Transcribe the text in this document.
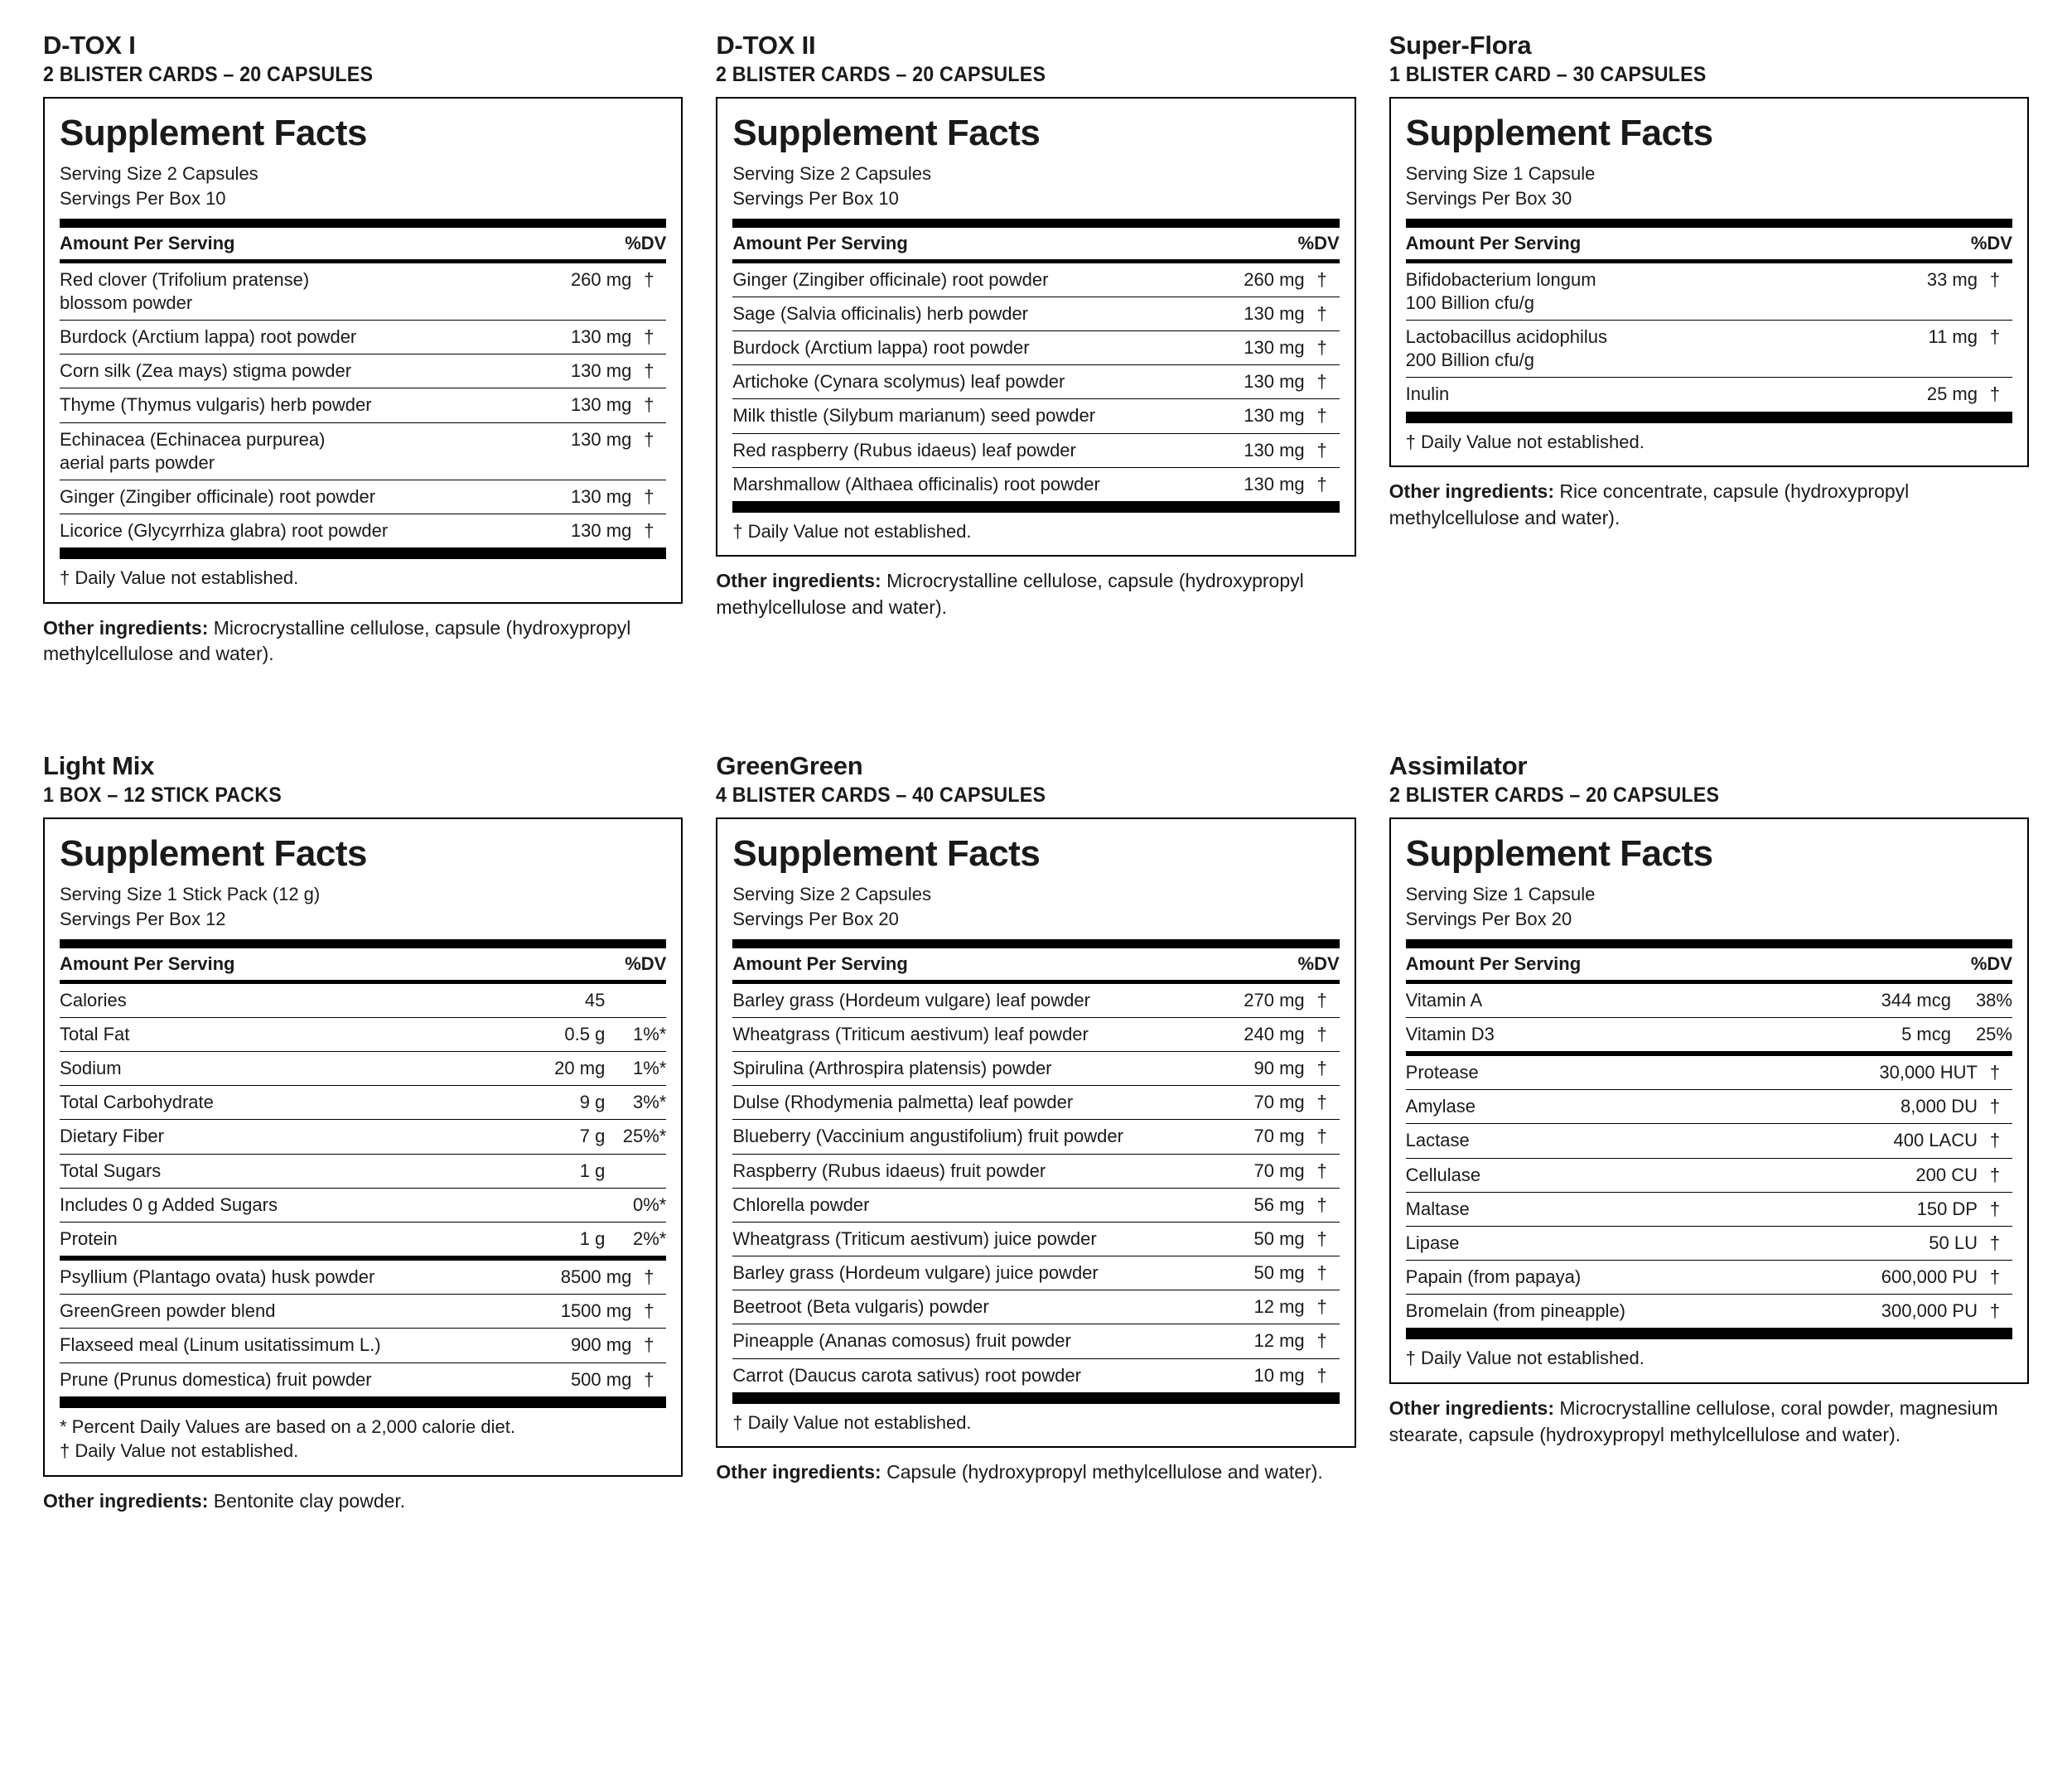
D-TOX I
2 BLISTER CARDS – 20 CAPSULES
Supplement Facts
Serving Size 2 Capsules
Servings Per Box 10
Amount Per Serving		%DV
Red clover (Trifolium pratense)
blossom powder	260 mg	†
Burdock (Arctium lappa) root powder	130 mg	†
Corn silk (Zea mays) stigma powder	130 mg	†
Thyme (Thymus vulgaris) herb powder	130 mg	†
Echinacea (Echinacea purpurea)
aerial parts powder	130 mg	†
Ginger (Zingiber officinale) root powder	130 mg	†
Licorice (Glycyrrhiza glabra) root powder	130 mg	†
† Daily Value not established.
Other ingredients: Microcrystalline cellulose, capsule (hydroxypropyl methylcellulose and water).
D-TOX II
2 BLISTER CARDS – 20 CAPSULES
Supplement Facts
Serving Size 2 Capsules
Servings Per Box 10
Amount Per Serving		%DV
Ginger (Zingiber officinale) root powder	260 mg	†
Sage (Salvia officinalis) herb powder	130 mg	†
Burdock (Arctium lappa) root powder	130 mg	†
Artichoke (Cynara scolymus) leaf powder	130 mg	†
Milk thistle (Silybum marianum) seed powder	130 mg	†
Red raspberry (Rubus idaeus) leaf powder	130 mg	†
Marshmallow (Althaea officinalis) root powder	130 mg	†
† Daily Value not established.
Other ingredients: Microcrystalline cellulose, capsule (hydroxypropyl methylcellulose and water).
Super-Flora
1 BLISTER CARD – 30 CAPSULES
Supplement Facts
Serving Size 1 Capsule
Servings Per Box 30
Amount Per Serving		%DV
Bifidobacterium longum
100 Billion cfu/g	33 mg	†
Lactobacillus acidophilus
200 Billion cfu/g	11 mg	†
Inulin	25 mg	†
† Daily Value not established.
Other ingredients: Rice concentrate, capsule (hydroxypropyl methylcellulose and water).
Light Mix
1 BOX – 12 STICK PACKS
Supplement Facts
Serving Size 1 Stick Pack (12 g)
Servings Per Box 12
Amount Per Serving		%DV
Calories	45	
Total Fat	0.5 g	1%*
Sodium	20 mg	1%*
Total Carbohydrate	9 g	3%*
Dietary Fiber	7 g	25%*
Total Sugars	1 g	
Includes 0 g Added Sugars		0%*
Protein	1 g	2%*
Psyllium (Plantago ovata) husk powder	8500 mg	†
GreenGreen powder blend	1500 mg	†
Flaxseed meal (Linum usitatissimum L.)	900 mg	†
Prune (Prunus domestica) fruit powder	500 mg	†
* Percent Daily Values are based on a 2,000 calorie diet.
† Daily Value not established.
Other ingredients: Bentonite clay powder.
GreenGreen
4 BLISTER CARDS – 40 CAPSULES
Supplement Facts
Serving Size 2 Capsules
Servings Per Box 20
Amount Per Serving		%DV
Barley grass (Hordeum vulgare) leaf powder	270 mg	†
Wheatgrass (Triticum aestivum) leaf powder	240 mg	†
Spirulina (Arthrospira platensis) powder	90 mg	†
Dulse (Rhodymenia palmetta) leaf powder	70 mg	†
Blueberry (Vaccinium angustifolium) fruit powder	70 mg	†
Raspberry (Rubus idaeus) fruit powder	70 mg	†
Chlorella powder	56 mg	†
Wheatgrass (Triticum aestivum) juice powder	50 mg	†
Barley grass (Hordeum vulgare) juice powder	50 mg	†
Beetroot (Beta vulgaris) powder	12 mg	†
Pineapple (Ananas comosus) fruit powder	12 mg	†
Carrot (Daucus carota sativus) root powder	10 mg	†
† Daily Value not established.
Other ingredients: Capsule (hydroxypropyl methylcellulose and water).
Assimilator
2 BLISTER CARDS – 20 CAPSULES
Supplement Facts
Serving Size 1 Capsule
Servings Per Box 20
Amount Per Serving		%DV
Vitamin A	344 mcg	38%
Vitamin D3	5 mcg	25%
Protease	30,000 HUT	†
Amylase	8,000 DU	†
Lactase	400 LACU	†
Cellulase	200 CU	†
Maltase	150 DP	†
Lipase	50 LU	†
Papain (from papaya)	600,000 PU	†
Bromelain (from pineapple)	300,000 PU	†
† Daily Value not established.
Other ingredients: Microcrystalline cellulose, coral powder, magnesium stearate, capsule (hydroxypropyl methylcellulose and water).
